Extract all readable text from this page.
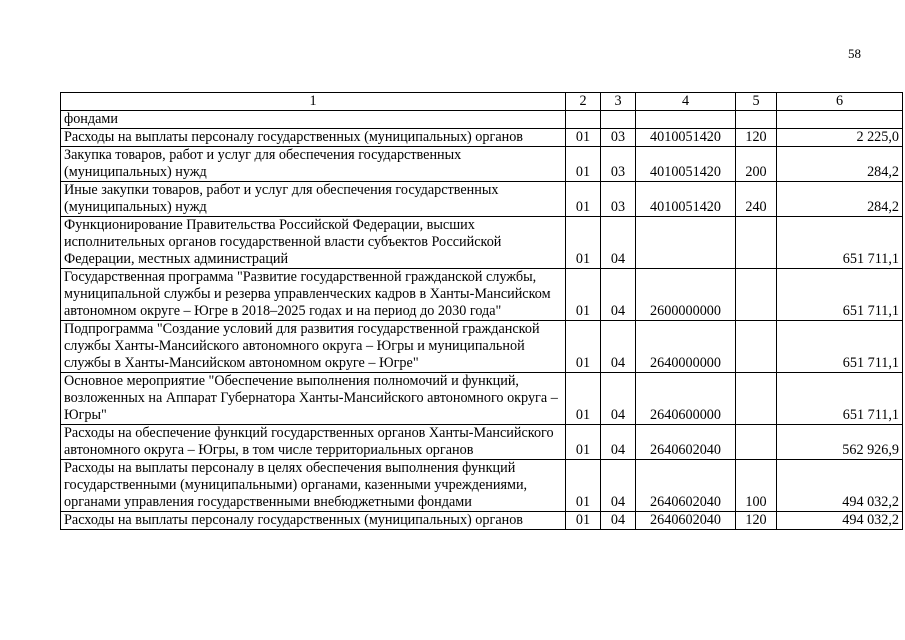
58
1	2	3	4	5	6
фондами					
Расходы на выплаты персоналу государственных (муниципальных) органов	01	03	4010051420	120	2 225,0
Закупка товаров, работ и услуг для обеспечения государственных (муниципальных) нужд	01	03	4010051420	200	284,2
Иные закупки товаров, работ и услуг для обеспечения государственных (муниципальных) нужд	01	03	4010051420	240	284,2
Функционирование Правительства Российской Федерации, высших исполнительных органов государственной власти субъектов Российской Федерации, местных администраций	01	04			651 711,1
Государственная программа "Развитие государственной гражданской службы, муниципальной службы и резерва управленческих кадров в Ханты-Мансийском автономном округе – Югре в 2018–2025 годах и на период до 2030 года"	01	04	2600000000		651 711,1
Подпрограмма "Создание условий для развития государственной гражданской службы Ханты-Мансийского автономного округа – Югры и муниципальной службы в Ханты-Мансийском автономном округе – Югре"	01	04	2640000000		651 711,1
Основное мероприятие "Обеспечение выполнения полномочий и функций, возложенных на Аппарат Губернатора Ханты-Мансийского автономного округа – Югры"	01	04	2640600000		651 711,1
Расходы на обеспечение функций государственных органов Ханты-Мансийского автономного округа – Югры, в том числе территориальных органов	01	04	2640602040		562 926,9
Расходы на выплаты персоналу в целях обеспечения выполнения функций государственными (муниципальными) органами, казенными учреждениями, органами управления государственными внебюджетными фондами	01	04	2640602040	100	494 032,2
Расходы на выплаты персоналу государственных (муниципальных) органов	01	04	2640602040	120	494 032,2
